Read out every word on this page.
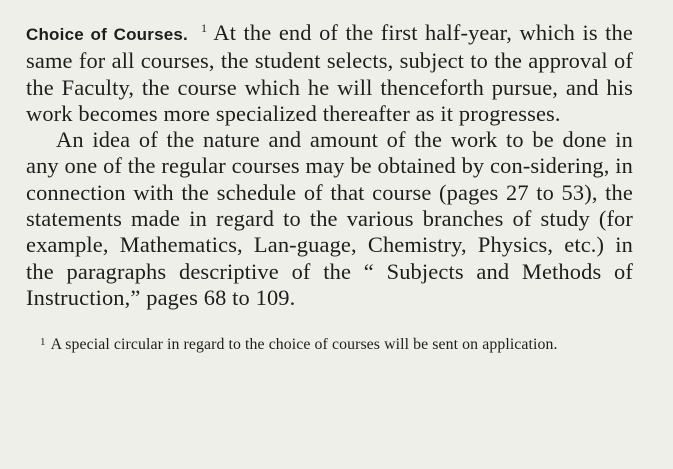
Choice of Courses. $^1$ At the end of the first half-year, which is the same for all courses, the student selects, subject to the approval of the Faculty, the course which he will thenceforth pursue, and his work becomes more specialized thereafter as it progresses.

An idea of the nature and amount of the work to be done in any one of the regular courses may be obtained by con-sidering, in connection with the schedule of that course (pages 27 to 53), the statements made in regard to the various branches of study (for example, Mathematics, Lan-guage, Chemistry, Physics, etc.) in the paragraphs descriptive of the “ Subjects and Methods of Instruction,” pages 68 to 109.

$^1$ A special circular in regard to the choice of courses will be sent on application.
